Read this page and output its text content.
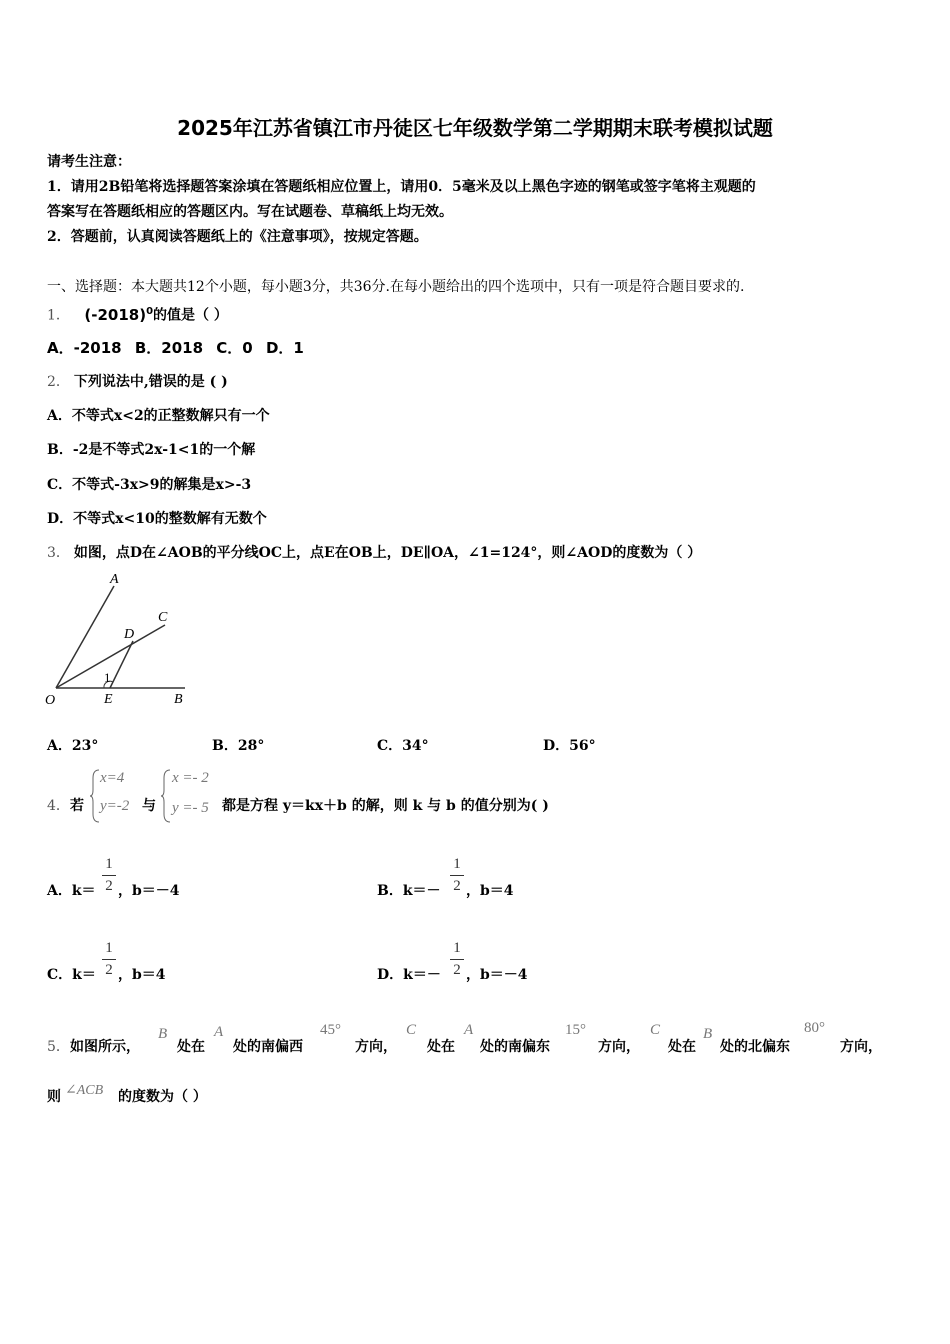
2025年江苏省镇江市丹徒区七年级数学第二学期期末联考模拟试题
请考生注意：
1．请用2B铅笔将选择题答案涂填在答题纸相应位置上，请用0．5毫米及以上黑色字迹的钢笔或签字笔将主观题的
答案写在答题纸相应的答题区内。写在试题卷、草稿纸上均无效。
2．答题前，认真阅读答题纸上的《注意事项》，按规定答题。
一、选择题：本大题共12个小题，每小题3分，共36分.在每小题给出的四个选项中，只有一项是符合题目要求的.
1． $(-2018)^0$的值是（ ）
A．-2018 B．2018 C．0 D．1
2． 下列说法中,错误的是 ( )
A．不等式x<2的正整数解只有一个
B．-2是不等式2x-1<1的一个解
C．不等式-3x>9的解集是x>-3
D．不等式x<10的整数解有无数个
3． 如图，点D在∠AOB的平分线OC上，点E在OB上，DE∥OA，∠1=124°，则∠AOD的度数为（ ）
A
C
D
1
O	E	B
A．23°	B．28°	C．34°	D．56°
4． 若
x=4
y=-2 与
x =- 2
y =- 5 都是方程 y＝kx＋b 的解，则 k 与 b 的值分别为( )
A．k＝
1
2 ，b＝－4	B．k＝－
1
2 ，b＝4
C．k＝
1
2 ，b＝4	D．k＝－
1
2 ，b＝－4
5． 如图所示，
B
处在
A
处的南偏西
45°
方向，
C
处在
A
处的南偏东
15°
方向，
C
处在
B
处的北偏东
80°
方向，
则 ∠ACB 的度数为（ ）
